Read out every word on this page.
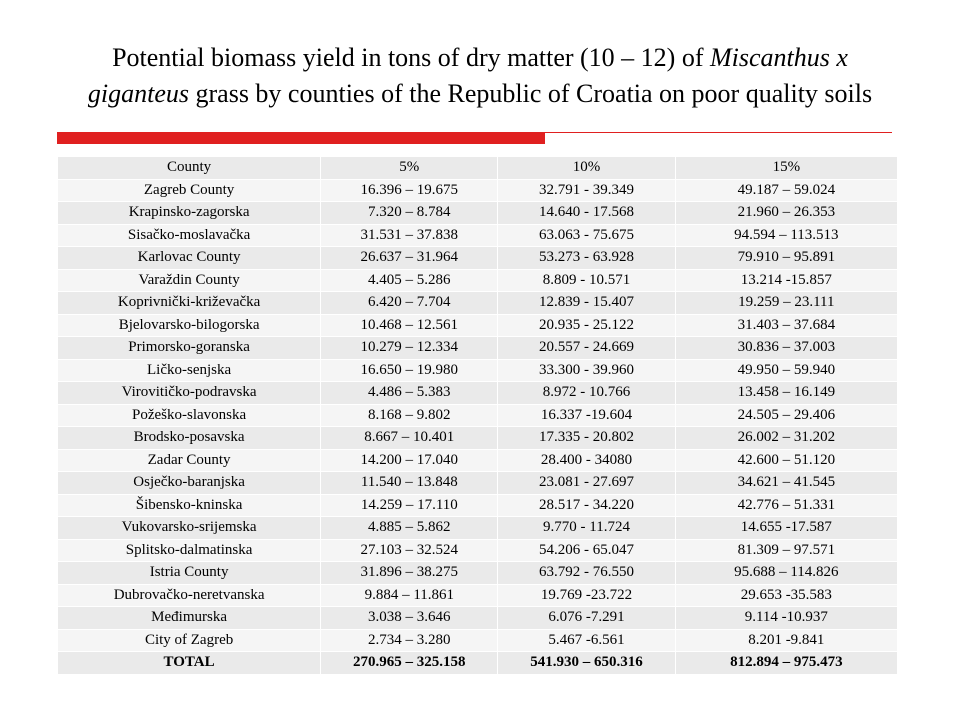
Potential biomass yield in tons of dry matter (10 – 12) of Miscanthus x
giganteus grass by counties of the Republic of Croatia on poor quality soils
County	5%	10%	15%
Zagreb County	16.396 – 19.675	32.791 - 39.349	49.187 – 59.024
Krapinsko-zagorska	7.320 – 8.784	14.640 - 17.568	21.960 – 26.353
Sisačko-moslavačka	31.531 – 37.838	63.063 - 75.675	94.594 – 113.513
Karlovac County	26.637 – 31.964	53.273 - 63.928	79.910 – 95.891
Varaždin County	4.405 – 5.286	8.809 - 10.571	13.214 -15.857
Koprivnički-križevačka	6.420 – 7.704	12.839 - 15.407	19.259 – 23.111
Bjelovarsko-bilogorska	10.468 – 12.561	20.935 - 25.122	31.403 – 37.684
Primorsko-goranska	10.279 – 12.334	20.557 - 24.669	30.836 – 37.003
Ličko-senjska	16.650 – 19.980	33.300 - 39.960	49.950 – 59.940
Virovitičko-podravska	4.486 – 5.383	8.972 - 10.766	13.458 – 16.149
Požeško-slavonska	8.168 – 9.802	16.337 -19.604	24.505 – 29.406
Brodsko-posavska	8.667 – 10.401	17.335 - 20.802	26.002 – 31.202
Zadar County	14.200 – 17.040	28.400 - 34080	42.600 – 51.120
Osječko-baranjska	11.540 – 13.848	23.081 - 27.697	34.621 – 41.545
Šibensko-kninska	14.259 – 17.110	28.517 - 34.220	42.776 – 51.331
Vukovarsko-srijemska	4.885 – 5.862	9.770 - 11.724	14.655 -17.587
Splitsko-dalmatinska	27.103 – 32.524	54.206 - 65.047	81.309 – 97.571
Istria County	31.896 – 38.275	63.792 - 76.550	95.688 – 114.826
Dubrovačko-neretvanska	9.884 – 11.861	19.769 -23.722	29.653 -35.583
Međimurska	3.038 – 3.646	6.076 -7.291	9.114 -10.937
City of Zagreb	2.734 – 3.280	5.467 -6.561	8.201 -9.841
TOTAL	270.965 – 325.158	541.930 – 650.316	812.894 – 975.473
